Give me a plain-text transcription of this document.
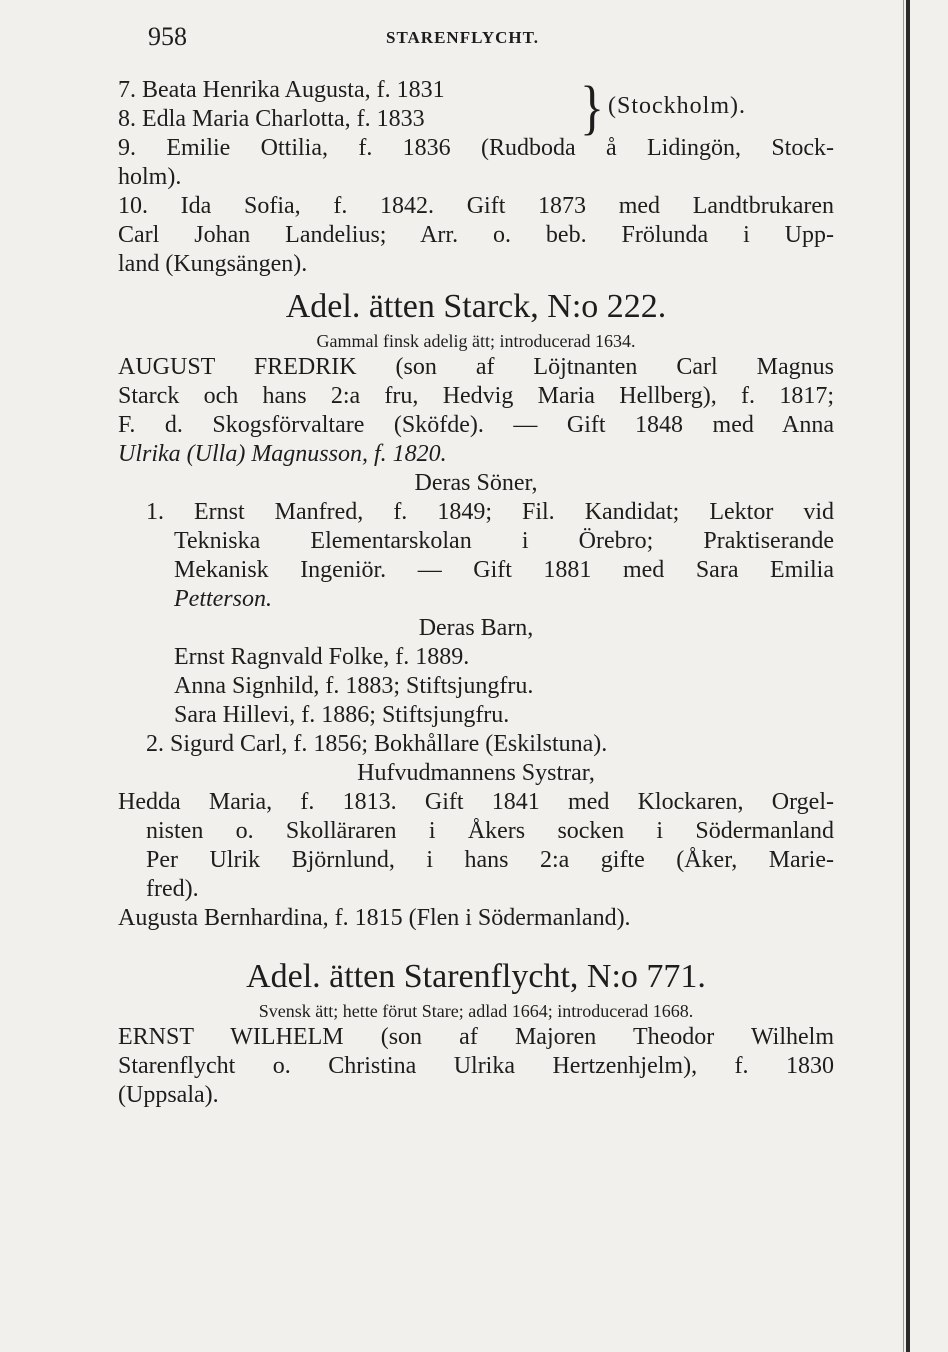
958	STARENFLYCHT.
7. Beata Henrika Augusta, f. 1831
8. Edla Maria Charlotta, f. 1833	} (Stockholm).
9. Emilie Ottilia, f. 1836 (Rudboda å Lidingön, Stock-
holm).
10. Ida Sofia, f. 1842. Gift 1873 med Landtbrukaren
Carl Johan Landelius; Arr. o. beb. Frölunda i Upp-
land (Kungsängen).
Adel. ätten Starck, N:o 222.
Gammal finsk adelig ätt; introducerad 1634.
AUGUST FREDRIK (son af Löjtnanten Carl Magnus
Starck och hans 2:a fru, Hedvig Maria Hellberg), f. 1817;
F. d. Skogsförvaltare (Sköfde). — Gift 1848 med Anna
Ulrika (Ulla) Magnusson, f. 1820.
Deras Söner,
1. Ernst Manfred, f. 1849; Fil. Kandidat; Lektor vid
Tekniska Elementarskolan i Örebro; Praktiserande
Mekanisk Ingeniör. — Gift 1881 med Sara Emilia
Petterson.
Deras Barn,
Ernst Ragnvald Folke, f. 1889.
Anna Signhild, f. 1883; Stiftsjungfru.
Sara Hillevi, f. 1886; Stiftsjungfru.
2. Sigurd Carl, f. 1856; Bokhållare (Eskilstuna).
Hufvudmannens Systrar,
Hedda Maria, f. 1813. Gift 1841 med Klockaren, Orgel-
nisten o. Skolläraren i Åkers socken i Södermanland
Per Ulrik Björnlund, i hans 2:a gifte (Åker, Marie-
fred).
Augusta Bernhardina, f. 1815 (Flen i Södermanland).
Adel. ätten Starenflycht, N:o 771.
Svensk ätt; hette förut Stare; adlad 1664; introducerad 1668.
ERNST WILHELM (son af Majoren Theodor Wilhelm
Starenflycht o. Christina Ulrika Hertzenhjelm), f. 1830
(Uppsala).
